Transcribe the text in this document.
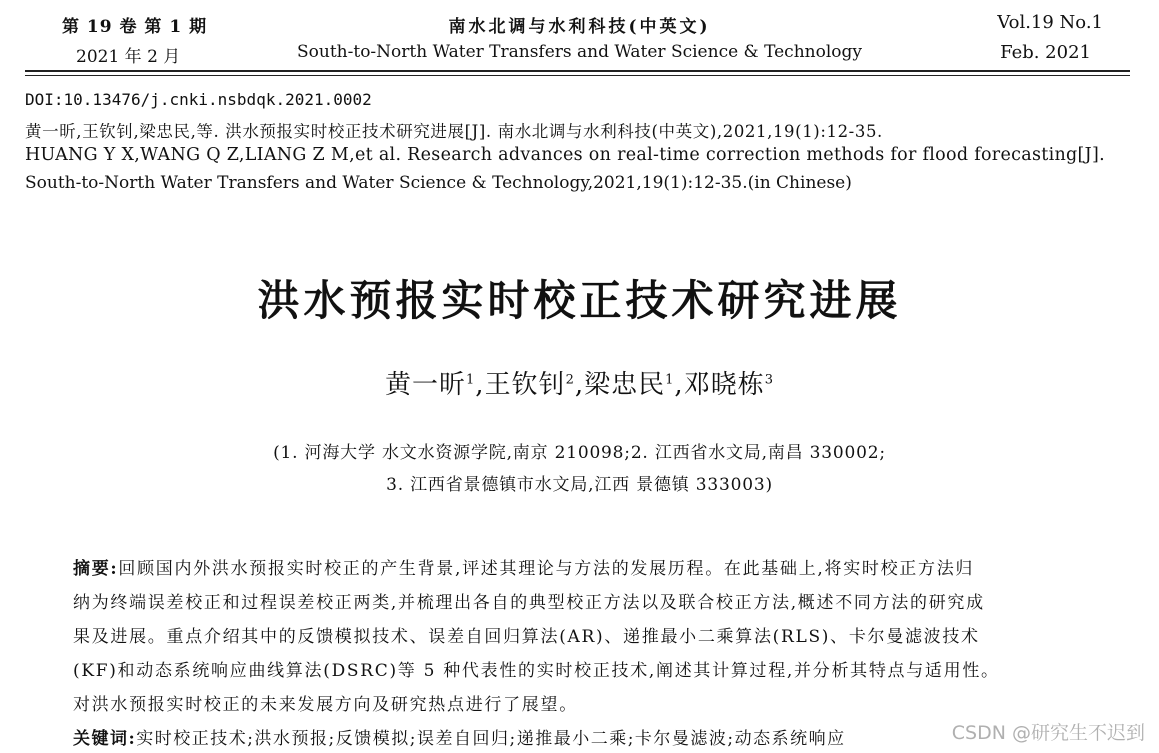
第 19 卷 第 1 期
2021 年 2 月
南水北调与水利科技(中英文)
South-to-North Water Transfers and Water Science & Technology
Vol.19 No.1
Feb. 2021
DOI:10.13476/j.cnki.nsbdqk.2021.0002
黄一昕,王钦钊,梁忠民,等. 洪水预报实时校正技术研究进展[J]. 南水北调与水利科技(中英文),2021,19(1):12-35.
HUANG Y X,WANG Q Z,LIANG Z M,et al. Research advances on real-time correction methods for flood forecasting[J].
South-to-North Water Transfers and Water Science & Technology,2021,19(1):12-35.(in Chinese)
洪水预报实时校正技术研究进展
黄一昕$^1$,王钦钊$^2$,梁忠民$^1$,邓晓栋$^3$
(1. 河海大学 水文水资源学院,南京 210098;2. 江西省水文局,南昌 330002;
3. 江西省景德镇市水文局,江西 景德镇 333003)
摘要:回顾国内外洪水预报实时校正的产生背景,评述其理论与方法的发展历程。在此基础上,将实时校正方法归
纳为终端误差校正和过程误差校正两类,并梳理出各自的典型校正方法以及联合校正方法,概述不同方法的研究成
果及进展。重点介绍其中的反馈模拟技术、误差自回归算法(AR)、递推最小二乘算法(RLS)、卡尔曼滤波技术
(KF)和动态系统响应曲线算法(DSRC)等 5 种代表性的实时校正技术,阐述其计算过程,并分析其特点与适用性。
对洪水预报实时校正的未来发展方向及研究热点进行了展望。
关键词:实时校正技术;洪水预报;反馈模拟;误差自回归;递推最小二乘;卡尔曼滤波;动态系统响应	CSDN @研究生不迟到
